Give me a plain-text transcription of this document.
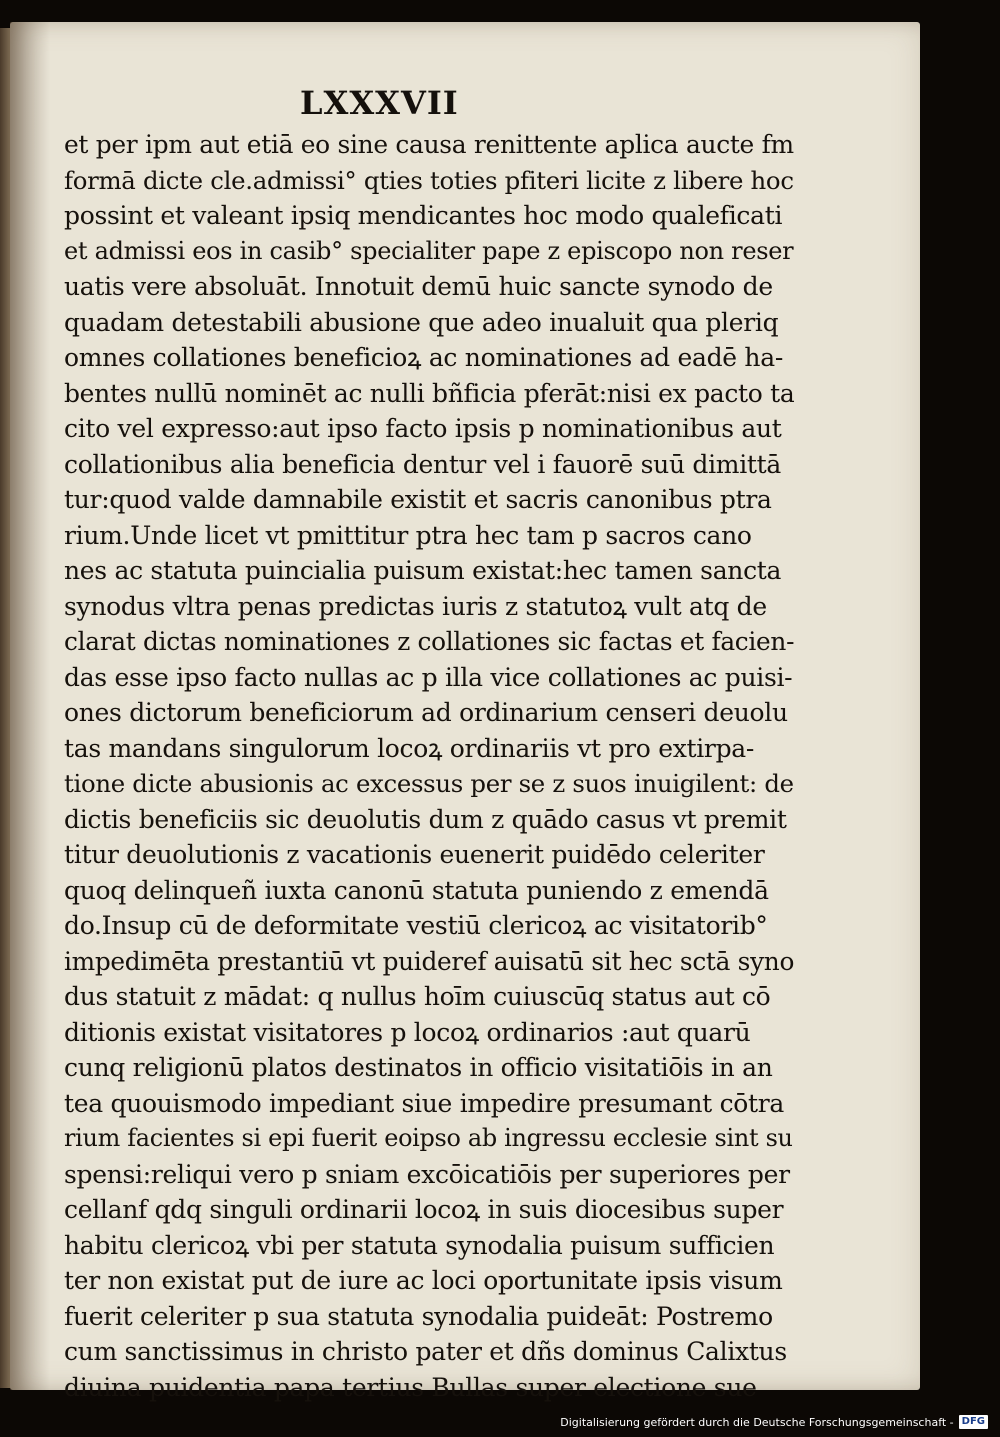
LXXXVII
et per ipm aut etiā eo sine causa renittente aplica aucte fm
formā dicte cle.admissi° qties toties pfiteri licite z libere hoc
possint et valeant ipsiq mendicantes hoc modo qualeficati
et admissi eos in casib° specialiter pape z episcopo non reser
uatis vere absoluāt. Innotuit demū huic sancte synodo de
quadam detestabili abusione que adeo inualuit qua pleriq
omnes collationes beneficioꝝ ac nominationes ad eadē ha-
bentes nullū nominēt ac nulli bñficia pferāt:nisi ex pacto ta
cito vel expresso:aut ipso facto ipsis p nominationibus aut
collationibus alia beneficia dentur vel i fauorē suū dimittā
tur:quod valde damnabile existit et sacris canonibus ptra
rium.Unde licet vt pmittitur ptra hec tam p sacros cano
nes ac statuta puincialia puisum existat:hec tamen sancta
synodus vltra penas predictas iuris z statutoꝝ vult atq de
clarat dictas nominationes z collationes sic factas et facien-
das esse ipso facto nullas ac p illa vice collationes ac puisi-
ones dictorum beneficiorum ad ordinarium censeri deuolu
tas mandans singulorum locoꝝ ordinariis vt pro extirpa-
tione dicte abusionis ac excessus per se z suos inuigilent: de
dictis beneficiis sic deuolutis dum z quādo casus vt premit
titur deuolutionis z vacationis euenerit puidēdo celeriter
quoq delinqueñ iuxta canonū statuta puniendo z emendā
do.Insup cū de deformitate vestiū clericoꝝ ac visitatorib°
impedimēta prestantiū vt puideref auisatū sit hec sctā syno
dus statuit z mādat: q nullus hoīm cuiuscūq status aut cō
ditionis existat visitatores p locoꝝ ordinarios :aut quarū
cunq religionū platos destinatos in officio visitatiōis in an
tea quouismodo impediant siue impedire presumant cōtra
rium facientes si epi fuerit eoipso ab ingressu ecclesie sint su
spensi:reliqui vero p sniam excōicatiōis per superiores per
cellanf qdq singuli ordinarii locoꝝ in suis diocesibus super
habitu clericoꝝ vbi per statuta synodalia puisum sufficien
ter non existat put de iure ac loci oportunitate ipsis visum
fuerit celeriter p sua statuta synodalia puideāt: Postremo
cum sanctissimus in christo pater et dñs dominus Calixtus
diuina puidentia papa tertius Bullas super electione sue
Digitalisierung gefördert durch die Deutsche Forschungsgemeinschaft - DFG
